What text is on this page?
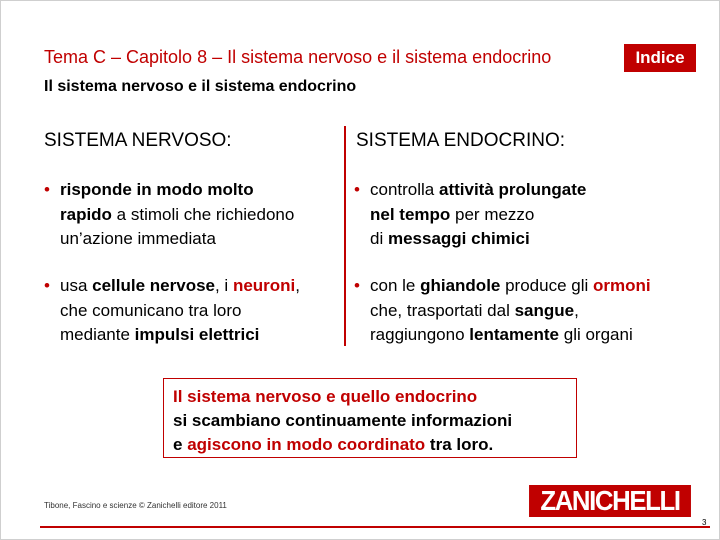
Tema C – Capitolo 8 – Il sistema nervoso e il sistema endocrino	Indice
Il sistema nervoso e il sistema endocrino
SISTEMA NERVOSO:	SISTEMA ENDOCRINO:
• risponde in modo molto
rapido a stimoli che richiedono
un’azione immediata
• usa cellule nervose, i neuroni,
che comunicano tra loro
mediante impulsi elettrici
• controlla attività prolungate
nel tempo per mezzo
di messaggi chimici
• con le ghiandole produce gli ormoni
che, trasportati dal sangue,
raggiungono lentamente gli organi
Il sistema nervoso e quello endocrino
si scambiano continuamente informazioni
e agiscono in modo coordinato tra loro.
Tibone, Fascino e scienze © Zanichelli editore 2011	ZANICHELLI
3
